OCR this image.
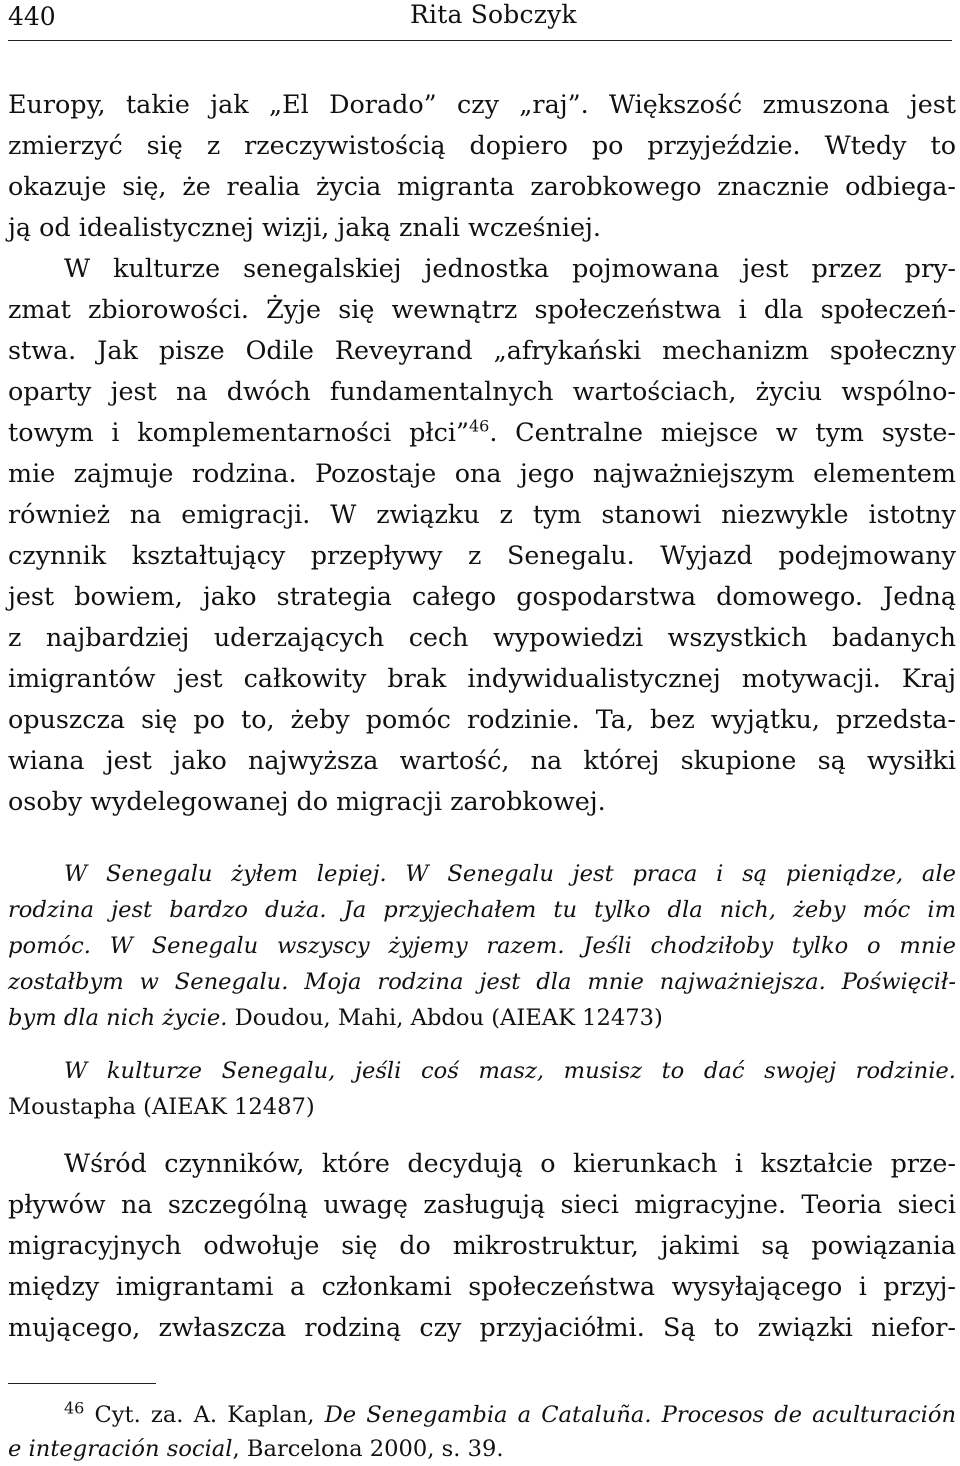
440	Rita Sobczyk
Europy, takie jak „El Dorado” czy „raj”. Większość zmuszona jest
zmierzyć się z rzeczywistością dopiero po przyjeździe. Wtedy to
okazuje się, że realia życia migranta zarobkowego znacznie odbiega-
ją od idealistycznej wizji, jaką znali wcześniej.
W kulturze senegalskiej jednostka pojmowana jest przez pry-
zmat zbiorowości. Żyje się wewnątrz społeczeństwa i dla społeczeń-
stwa. Jak pisze Odile Reveyrand „afrykański mechanizm społeczny
oparty jest na dwóch fundamentalnych wartościach, życiu wspólno-
towym i komplementarności płci”$^{46}$. Centralne miejsce w tym syste-
mie zajmuje rodzina. Pozostaje ona jego najważniejszym elementem
również na emigracji. W związku z tym stanowi niezwykle istotny
czynnik kształtujący przepływy z Senegalu. Wyjazd podejmowany
jest bowiem, jako strategia całego gospodarstwa domowego. Jedną
z najbardziej uderzających cech wypowiedzi wszystkich badanych
imigrantów jest całkowity brak indywidualistycznej motywacji. Kraj
opuszcza się po to, żeby pomóc rodzinie. Ta, bez wyjątku, przedsta-
wiana jest jako najwyższa wartość, na której skupione są wysiłki
osoby wydelegowanej do migracji zarobkowej.
W Senegalu żyłem lepiej. W Senegalu jest praca i są pieniądze, ale
rodzina jest bardzo duża. Ja przyjechałem tu tylko dla nich, żeby móc im
pomóc. W Senegalu wszyscy żyjemy razem. Jeśli chodziłoby tylko o mnie
zostałbym w Senegalu. Moja rodzina jest dla mnie najważniejsza. Poświęcił-
bym dla nich życie. Doudou, Mahi, Abdou (AIEAK 12473)
W kulturze Senegalu, jeśli coś masz, musisz to dać swojej rodzinie.
Moustapha (AIEAK 12487)
Wśród czynników, które decydują o kierunkach i kształcie prze-
pływów na szczególną uwagę zasługują sieci migracyjne. Teoria sieci
migracyjnych odwołuje się do mikrostruktur, jakimi są powiązania
między imigrantami a członkami społeczeństwa wysyłającego i przyj-
mującego, zwłaszcza rodziną czy przyjaciółmi. Są to związki niefor-
$^{46}$ Cyt. za. A. Kaplan, De Senegambia a Cataluña. Procesos de aculturación
e integración social, Barcelona 2000, s. 39.
